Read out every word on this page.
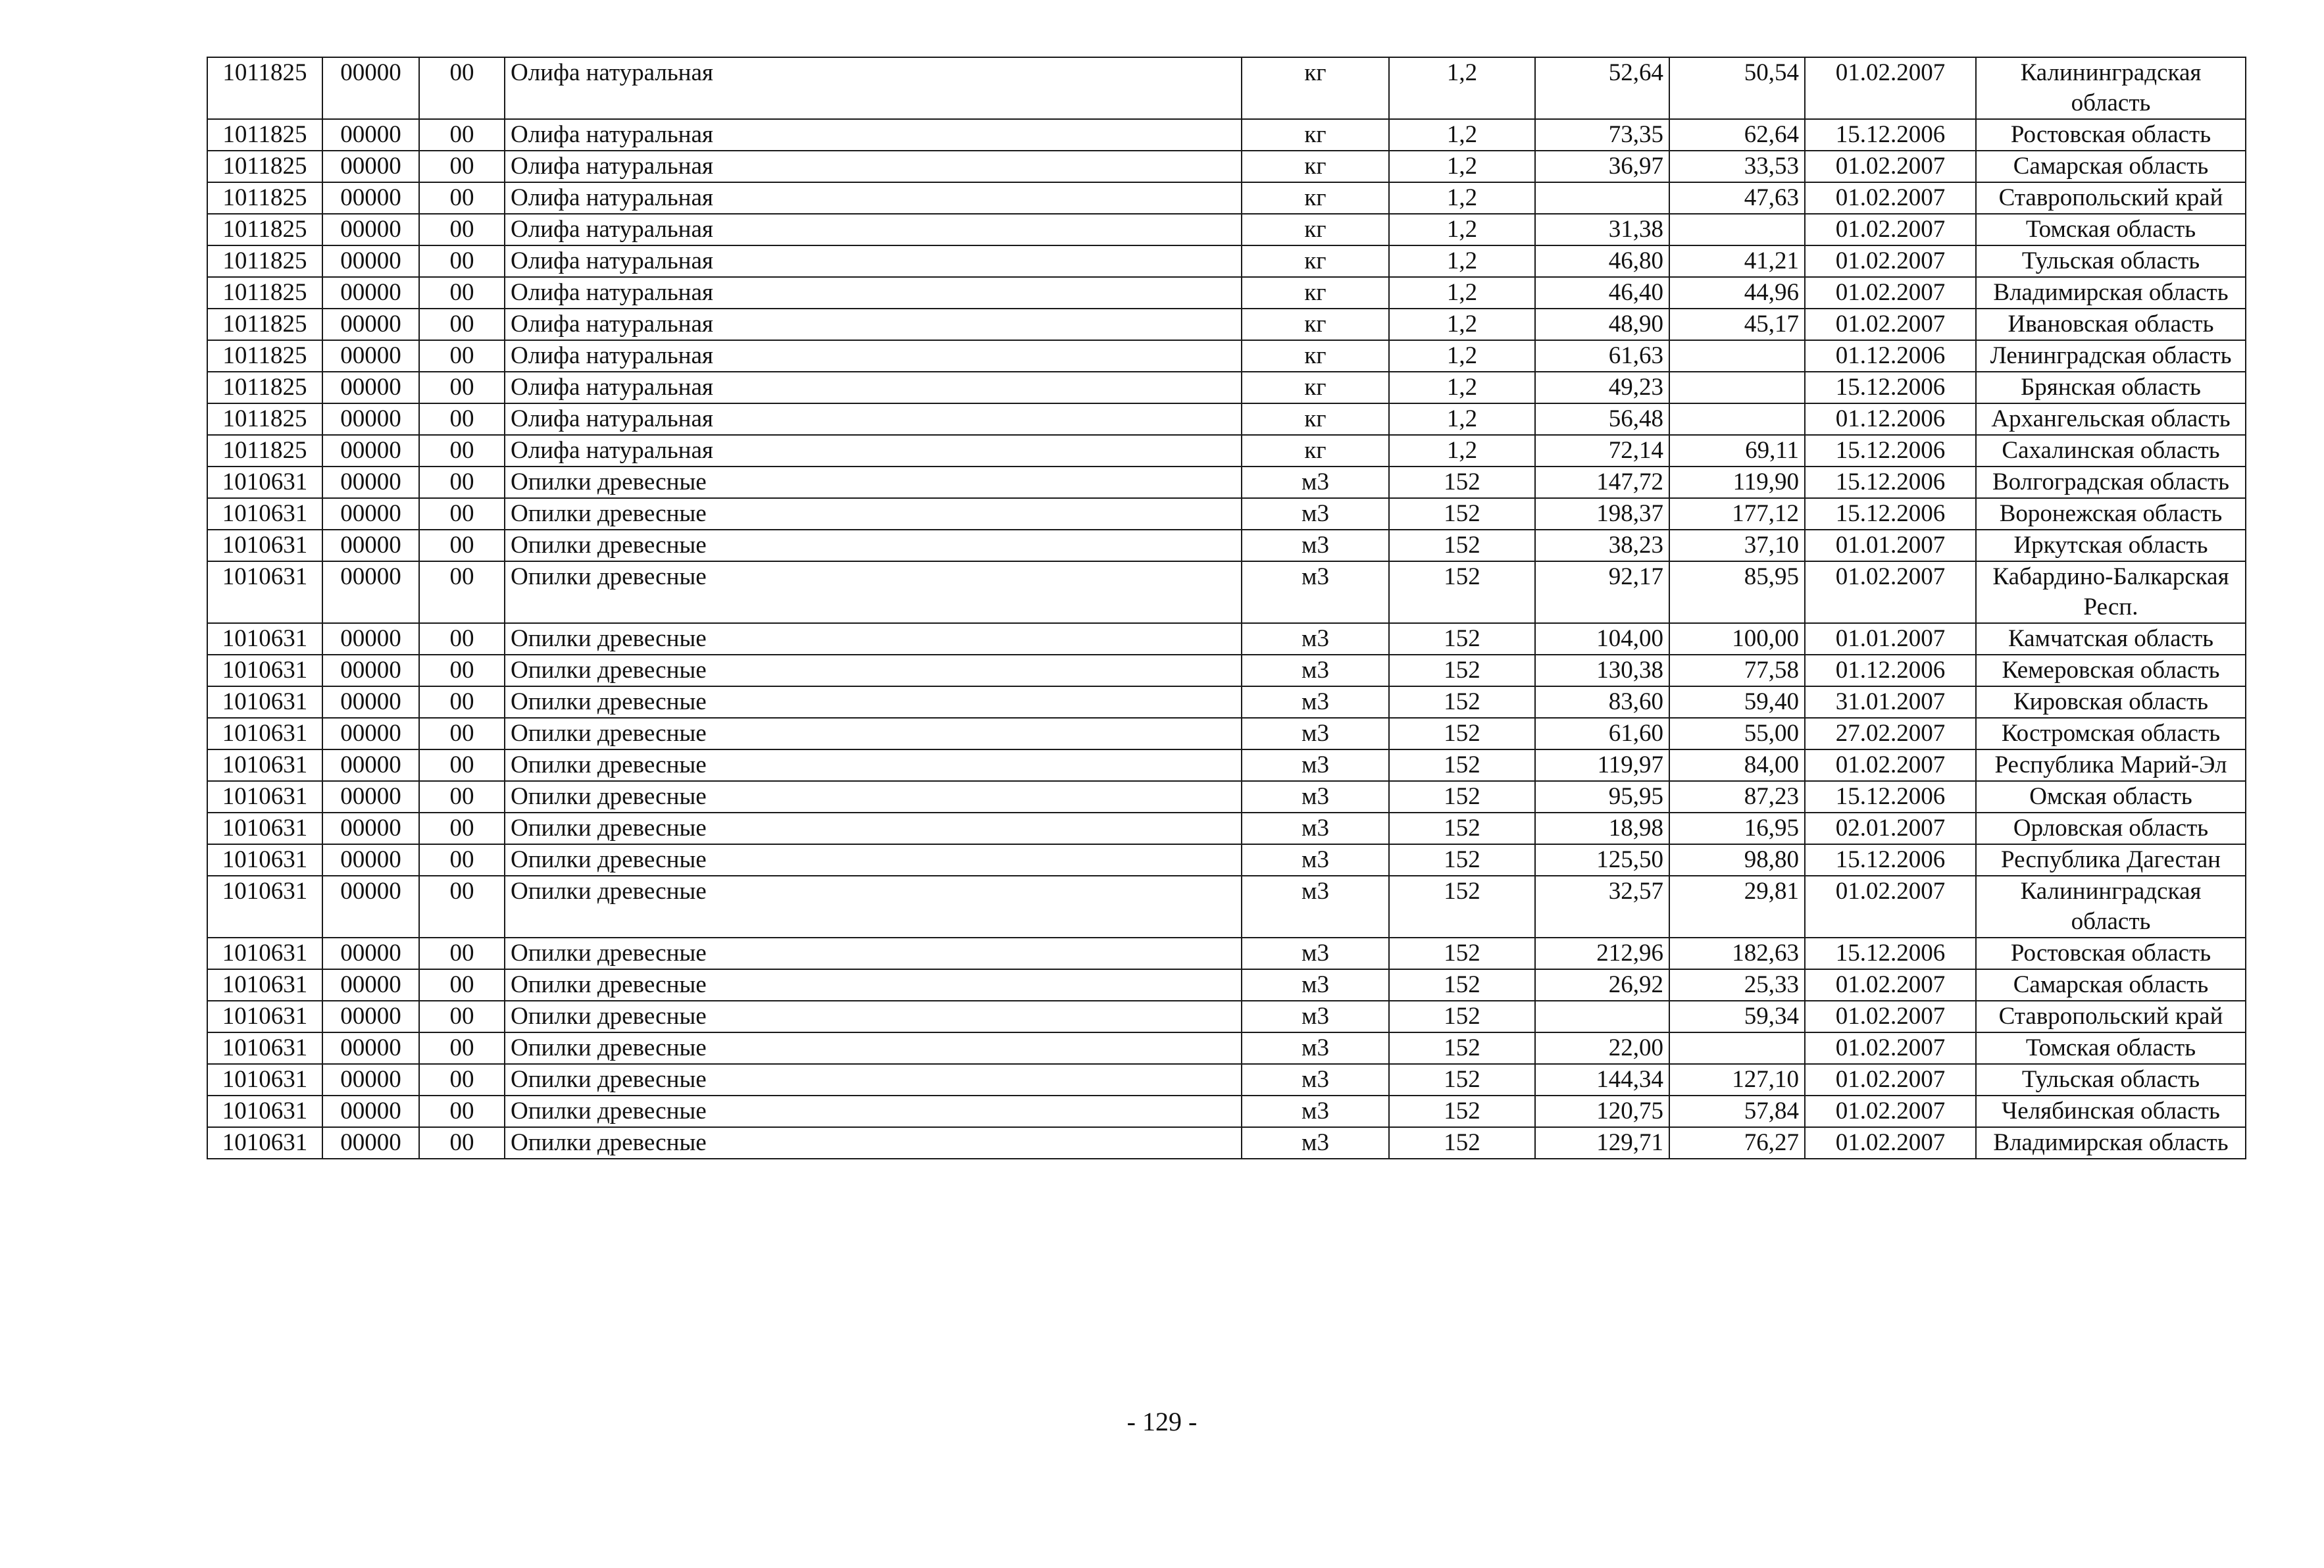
1011825	00000	00	Олифа натуральная	кг	1,2	52,64	50,54	01.02.2007	Калининградская область
1011825	00000	00	Олифа натуральная	кг	1,2	73,35	62,64	15.12.2006	Ростовская область
1011825	00000	00	Олифа натуральная	кг	1,2	36,97	33,53	01.02.2007	Самарская область
1011825	00000	00	Олифа натуральная	кг	1,2		47,63	01.02.2007	Ставропольский край
1011825	00000	00	Олифа натуральная	кг	1,2	31,38		01.02.2007	Томская область
1011825	00000	00	Олифа натуральная	кг	1,2	46,80	41,21	01.02.2007	Тульская область
1011825	00000	00	Олифа натуральная	кг	1,2	46,40	44,96	01.02.2007	Владимирская область
1011825	00000	00	Олифа натуральная	кг	1,2	48,90	45,17	01.02.2007	Ивановская область
1011825	00000	00	Олифа натуральная	кг	1,2	61,63		01.12.2006	Ленинградская область
1011825	00000	00	Олифа натуральная	кг	1,2	49,23		15.12.2006	Брянская область
1011825	00000	00	Олифа натуральная	кг	1,2	56,48		01.12.2006	Архангельская область
1011825	00000	00	Олифа натуральная	кг	1,2	72,14	69,11	15.12.2006	Сахалинская область
1010631	00000	00	Опилки древесные	м3	152	147,72	119,90	15.12.2006	Волгоградская область
1010631	00000	00	Опилки древесные	м3	152	198,37	177,12	15.12.2006	Воронежская область
1010631	00000	00	Опилки древесные	м3	152	38,23	37,10	01.01.2007	Иркутская область
1010631	00000	00	Опилки древесные	м3	152	92,17	85,95	01.02.2007	Кабардино-Балкарская Респ.
1010631	00000	00	Опилки древесные	м3	152	104,00	100,00	01.01.2007	Камчатская область
1010631	00000	00	Опилки древесные	м3	152	130,38	77,58	01.12.2006	Кемеровская область
1010631	00000	00	Опилки древесные	м3	152	83,60	59,40	31.01.2007	Кировская область
1010631	00000	00	Опилки древесные	м3	152	61,60	55,00	27.02.2007	Костромская область
1010631	00000	00	Опилки древесные	м3	152	119,97	84,00	01.02.2007	Республика Марий-Эл
1010631	00000	00	Опилки древесные	м3	152	95,95	87,23	15.12.2006	Омская область
1010631	00000	00	Опилки древесные	м3	152	18,98	16,95	02.01.2007	Орловская область
1010631	00000	00	Опилки древесные	м3	152	125,50	98,80	15.12.2006	Республика Дагестан
1010631	00000	00	Опилки древесные	м3	152	32,57	29,81	01.02.2007	Калининградская область
1010631	00000	00	Опилки древесные	м3	152	212,96	182,63	15.12.2006	Ростовская область
1010631	00000	00	Опилки древесные	м3	152	26,92	25,33	01.02.2007	Самарская область
1010631	00000	00	Опилки древесные	м3	152		59,34	01.02.2007	Ставропольский край
1010631	00000	00	Опилки древесные	м3	152	22,00		01.02.2007	Томская область
1010631	00000	00	Опилки древесные	м3	152	144,34	127,10	01.02.2007	Тульская область
1010631	00000	00	Опилки древесные	м3	152	120,75	57,84	01.02.2007	Челябинская область
1010631	00000	00	Опилки древесные	м3	152	129,71	76,27	01.02.2007	Владимирская область
- 129 -
